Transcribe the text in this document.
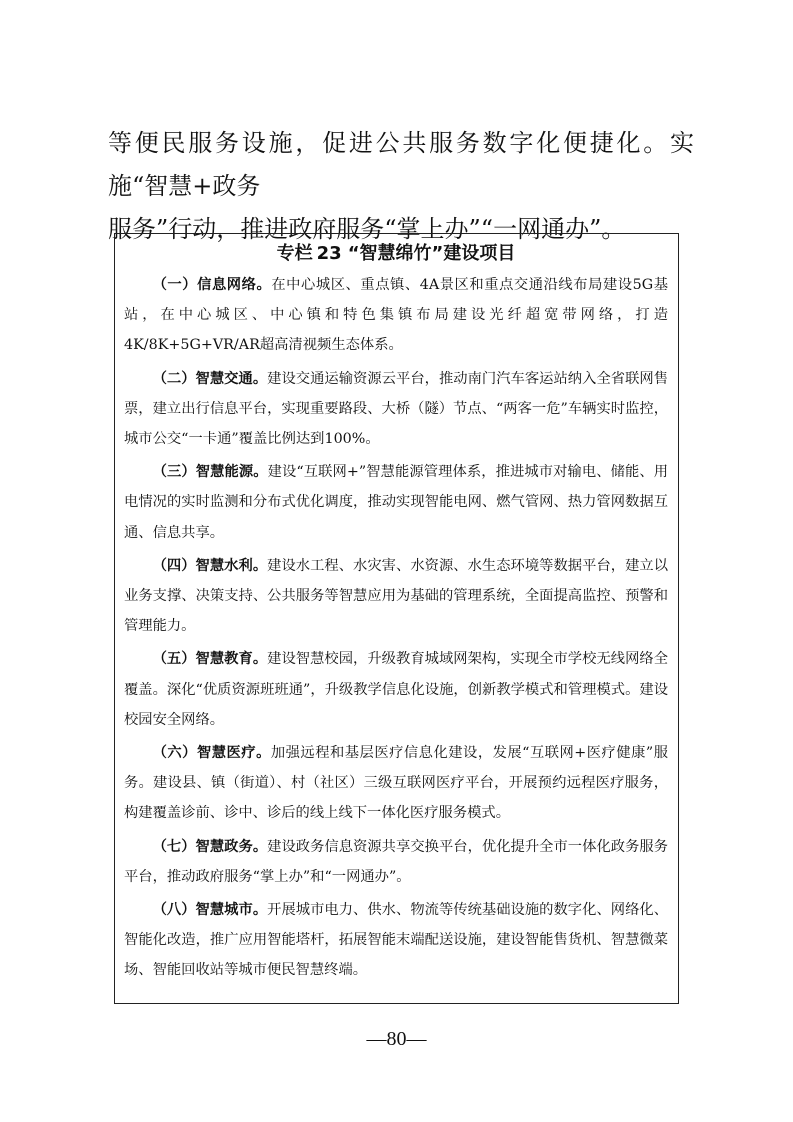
等便民服务设施，促进公共服务数字化便捷化。实施“智慧+政务

服务”行动，推进政府服务“掌上办”“一网通办”。

专栏 23 “智慧绵竹”建设项目

（一）信息网络。在中心城区、重点镇、4A景区和重点交通沿线布局建设5G基站，在中心城区、中心镇和特色集镇布局建设光纤超宽带网络，打造4K/8K+5G+VR/AR超高清视频生态体系。

（二）智慧交通。建设交通运输资源云平台，推动南门汽车客运站纳入全省联网售票，建立出行信息平台，实现重要路段、大桥（隧）节点、“两客一危”车辆实时监控，城市公交“一卡通”覆盖比例达到100%。

（三）智慧能源。建设“互联网+”智慧能源管理体系，推进城市对输电、储能、用电情况的实时监测和分布式优化调度，推动实现智能电网、燃气管网、热力管网数据互通、信息共享。

（四）智慧水利。建设水工程、水灾害、水资源、水生态环境等数据平台，建立以业务支撑、决策支持、公共服务等智慧应用为基础的管理系统，全面提高监控、预警和管理能力。

（五）智慧教育。建设智慧校园，升级教育城域网架构，实现全市学校无线网络全覆盖。深化“优质资源班班通”，升级教学信息化设施，创新教学模式和管理模式。建设校园安全网络。

（六）智慧医疗。加强远程和基层医疗信息化建设，发展“互联网+医疗健康”服务。建设县、镇（街道）、村（社区）三级互联网医疗平台，开展预约远程医疗服务，构建覆盖诊前、诊中、诊后的线上线下一体化医疗服务模式。

（七）智慧政务。建设政务信息资源共享交换平台，优化提升全市一体化政务服务平台，推动政府服务“掌上办”和“一网通办”。

（八）智慧城市。开展城市电力、供水、物流等传统基础设施的数字化、网络化、智能化改造，推广应用智能塔杆，拓展智能末端配送设施，建设智能售货机、智慧微菜场、智能回收站等城市便民智慧终端。

—80—
